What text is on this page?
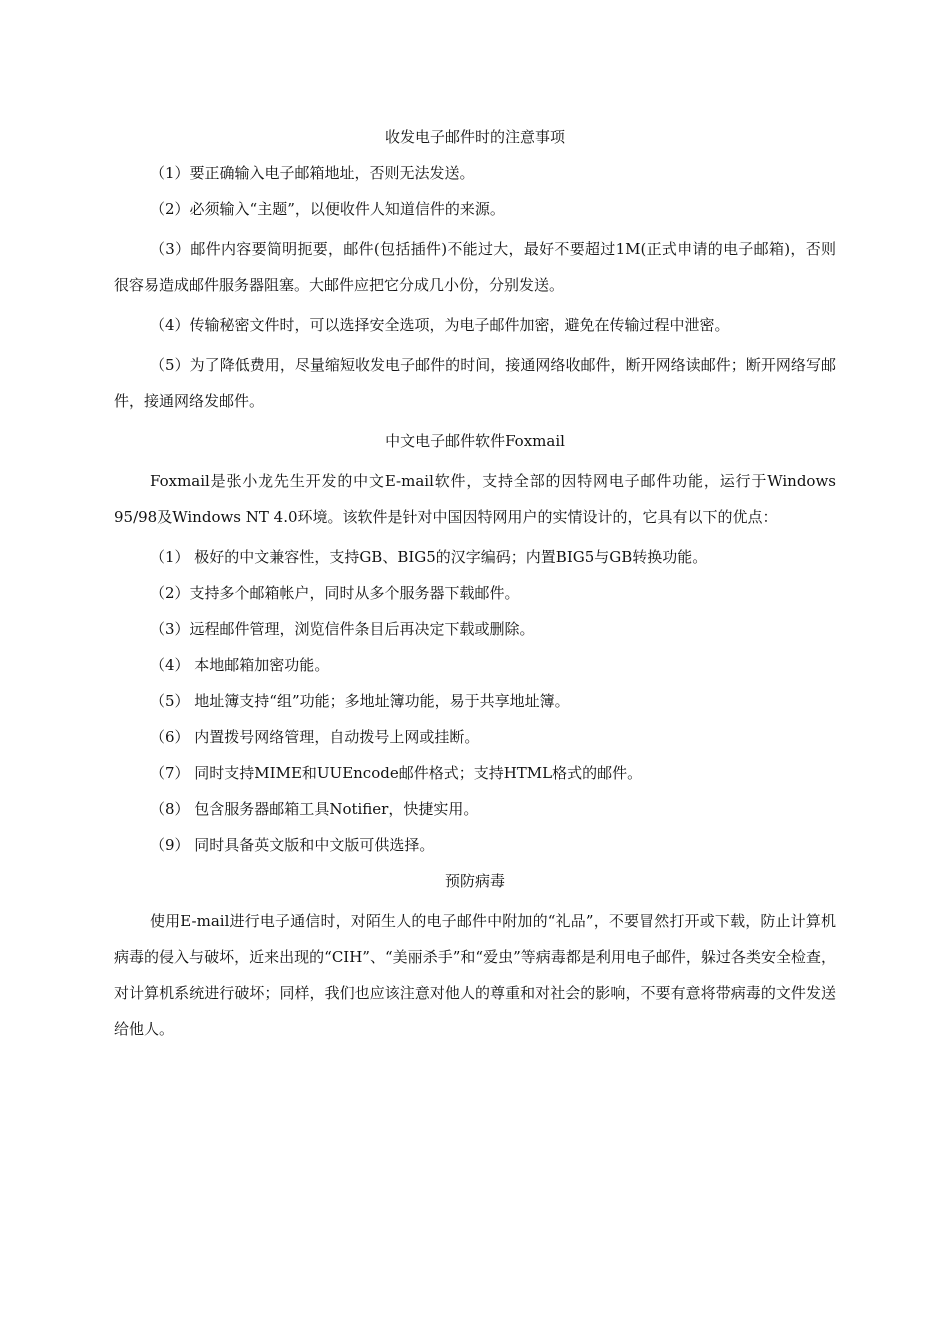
收发电子邮件时的注意事项
（1）要正确输入电子邮箱地址，否则无法发送。
（2）必须输入“主题”，以便收件人知道信件的来源。

（3）邮件内容要简明扼要，邮件(包括插件)不能过大，最好不要超过1M(正式申请的电子邮箱)，否则很容易造成邮件服务器阻塞。大邮件应把它分成几小份，分别发送。

（4）传输秘密文件时，可以选择安全选项，为电子邮件加密，避免在传输过程中泄密。

（5）为了降低费用，尽量缩短收发电子邮件的时间，接通网络收邮件，断开网络读邮件；断开网络写邮件，接通网络发邮件。

中文电子邮件软件Foxmail

Foxmail是张小龙先生开发的中文E-mail软件，支持全部的因特网电子邮件功能，运行于Windows 95/98及Windows NT 4.0环境。该软件是针对中国因特网用户的实情设计的，它具有以下的优点：

（1） 极好的中文兼容性，支持GB、BIG5的汉字编码；内置BIG5与GB转换功能。
（2）支持多个邮箱帐户，同时从多个服务器下载邮件。
（3）远程邮件管理，浏览信件条目后再决定下载或删除。
（4） 本地邮箱加密功能。
（5） 地址簿支持“组”功能；多地址簿功能，易于共享地址簿。
（6） 内置拨号网络管理，自动拨号上网或挂断。
（7） 同时支持MIME和UUEncode邮件格式；支持HTML格式的邮件。
（8） 包含服务器邮箱工具Notifier，快捷实用。
（9） 同时具备英文版和中文版可供选择。
预防病毒

使用E-mail进行电子通信时，对陌生人的电子邮件中附加的“礼品”，不要冒然打开或下载，防止计算机病毒的侵入与破坏，近来出现的“CIH”、“美丽杀手”和“爱虫”等病毒都是利用电子邮件，躲过各类安全检查，对计算机系统进行破坏；同样，我们也应该注意对他人的尊重和对社会的影响，不要有意将带病毒的文件发送给他人。
